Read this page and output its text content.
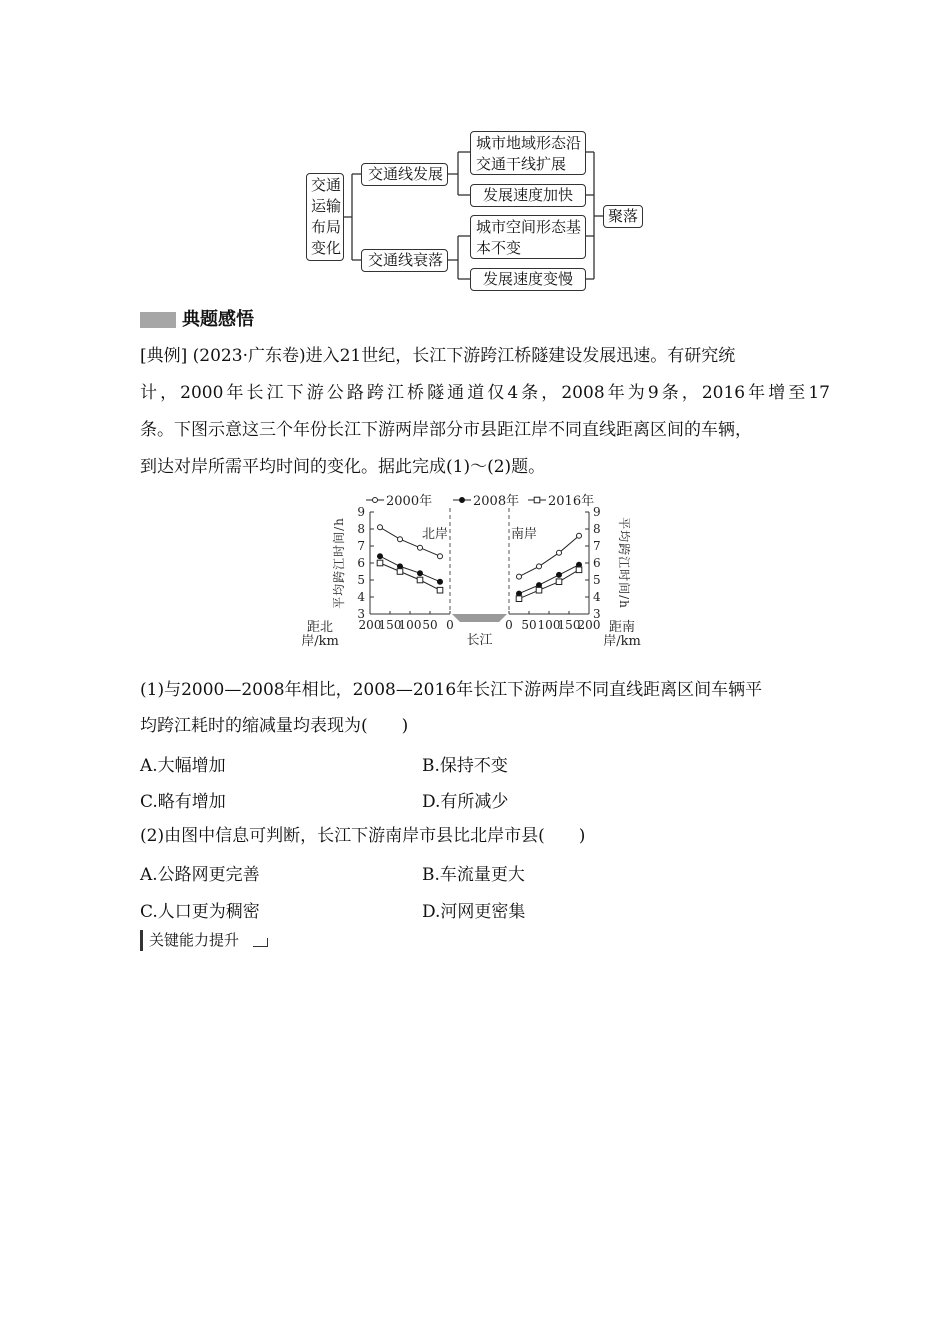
交通
运输
布局
变化
交通线发展
交通线衰落
城市地域形态沿
交通干线扩展
发展速度加快
城市空间形态基
本不变
发展速度变慢
聚落
典题感悟

[典例] (2023·广东卷)进入21世纪，长江下游跨江桥隧建设发展迅速。有研究统

计，2000年长江下游公路跨江桥隧通道仅4条，2008年为9条，2016年增至17

条。下图示意这三个年份长江下游两岸部分市县距江岸不同直线距离区间的车辆，

到达对岸所需平均时间的变化。据此完成(1)～(2)题。

3	3
4	4
5	5
6	6
7	7
8	8
9	9
平均跨江时间/h	平均跨江时间/h
200
150
100 50 0	0 50 100
150
200
长江
北岸	南岸
距北
岸/km
距南
岸/km
2000年	2008年 2016年
(1)与2000—2008年相比，2008—2016年长江下游两岸不同直线距离区间车辆平
均跨江耗时的缩减量均表现为(　　)
A.大幅增加	B.保持不变
C.略有增加	D.有所减少
(2)由图中信息可判断，长江下游南岸市县比北岸市县(　　)
A.公路网更完善	B.车流量更大
C.人口更为稠密	D.河网更密集
关键能力提升
